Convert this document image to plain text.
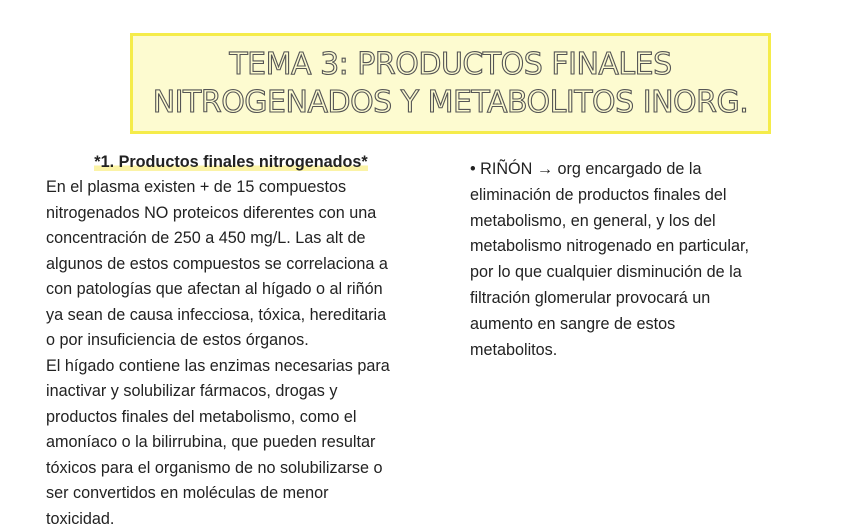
TEMA 3: PRODUCTOS FINALES
NITROGENADOS Y METABOLITOS INORG.
*1. Productos finales nitrogenados*

En el plasma existen + de 15 compuestos
nitrogenados NO proteicos diferentes con una
concentración de 250 a 450 mg/L. Las alt de
algunos de estos compuestos se correlaciona a
con patologías que afectan al hígado o al riñón
ya sean de causa infecciosa, tóxica, hereditaria
o por insuficiencia de estos órganos.

El hígado contiene las enzimas necesarias para
inactivar y solubilizar fármacos, drogas y
productos finales del metabolismo, como el
amoníaco o la bilirrubina, que pueden resultar
tóxicos para el organismo de no solubilizarse o
ser convertidos en moléculas de menor
toxicidad.

• RIÑÓN → org encargado de la
eliminación de productos finales del
metabolismo, en general, y los del
metabolismo nitrogenado en particular,
por lo que cualquier disminución de la
filtración glomerular provocará un
aumento en sangre de estos
metabolitos.
